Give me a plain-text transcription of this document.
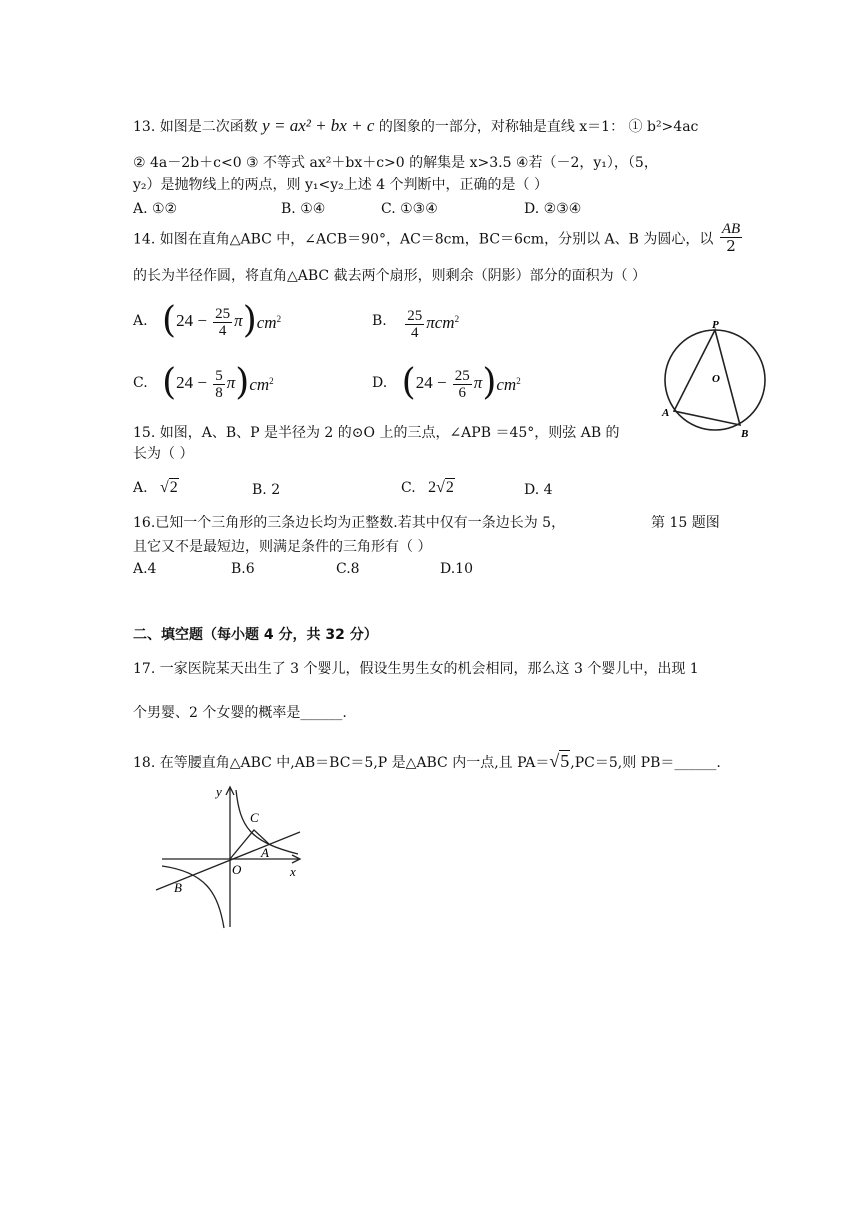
13. 如图是二次函数 y = ax² + bx + c 的图象的一部分，对称轴是直线 x＝1： ① b²>4ac
② 4a－2b＋c<0 ③ 不等式 ax²＋bx＋c>0 的解集是 x>3.5 ④若（－2，y₁），（5，
y₂）是抛物线上的两点，则 y₁<y₂上述 4 个判断中，正确的是（ ）
A. ①②	B. ①④	C. ①③④	D. ②③④
14. 如图在直角△ABC 中，∠ACB＝90°，AC＝8cm，BC＝6cm，分别以 A、B 为圆心，以 $\frac{AB}{2}$
的长为半径作圆，将直角△ABC 截去两个扇形，则剩余（阴影）部分的面积为（ ）
A. $(24 - \frac{25}{4} \pi)cm^2$	B. $\frac{25}{4} \pi cm^2$
C. $(24 - \frac{5}{8} \pi)cm^2$	D. $(24 - \frac{25}{6} \pi)cm^2$
P
O
A
B
15. 如图，A、B、P 是半径为 2 的⊙O 上的三点，∠APB ＝45°，则弦 AB 的
长为（ ）
A. √2	B. 2	C. 2√2	D. 4
16.已知一个三角形的三条边长均为正整数.若其中仅有一条边长为 5，	第 15 题图
且它又不是最短边，则满足条件的三角形有（ ）
A.4	B.6	C.8	D.10
二、填空题（每小题 4 分，共 32 分）
17. 一家医院某天出生了 3 个婴儿，假设生男生女的机会相同，那么这 3 个婴儿中，出现 1
个男婴、2 个女婴的概率是______.
18. 在等腰直角△ABC 中,AB＝BC＝5,P 是△ABC 内一点,且 PA＝√5,PC＝5,则 PB＝______.
y
x
O
C
A
B
